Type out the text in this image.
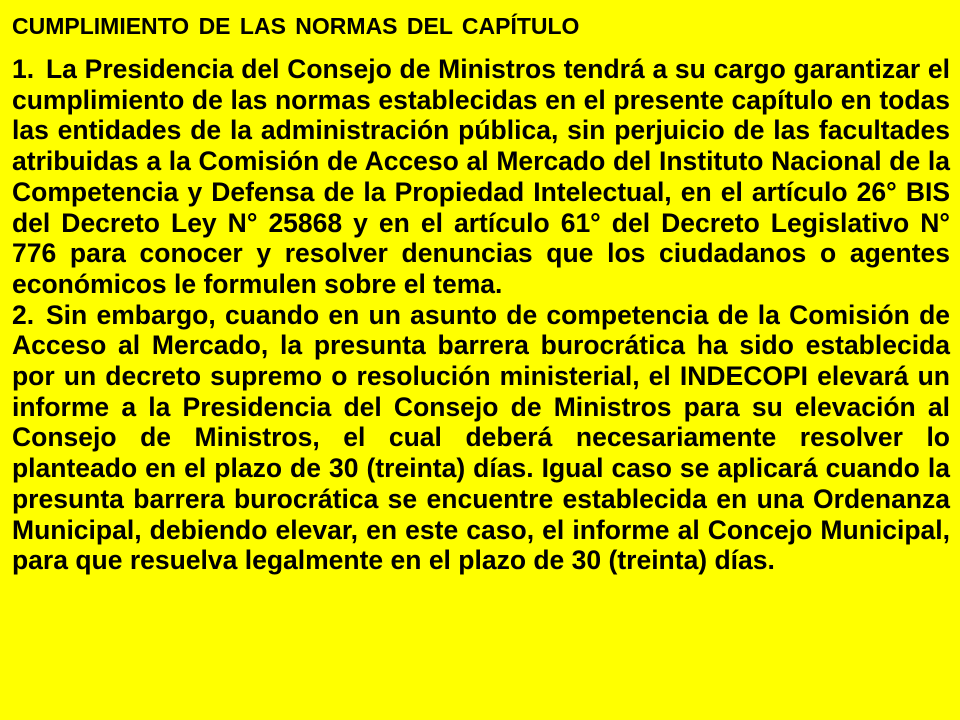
CUMPLIMIENTO DE LAS NORMAS DEL CAPÍTULO

1. La Presidencia del Consejo de Ministros tendrá a su cargo garantizar el cumplimiento de las normas establecidas en el presente capítulo en todas las entidades de la administración pública, sin perjuicio de las facultades atribuidas a la Comisión de Acceso al Mercado del Instituto Nacional de la Competencia y Defensa de la Propiedad Intelectual, en el artículo 26° BIS del Decreto Ley N° 25868 y en el artículo 61° del Decreto Legislativo N° 776 para conocer y resolver denuncias que los ciudadanos o agentes económicos le formulen sobre el tema.

2. Sin embargo, cuando en un asunto de competencia de la Comisión de Acceso al Mercado, la presunta barrera burocrática ha sido establecida por un decreto supremo o resolución ministerial, el INDECOPI elevará un informe a la Presidencia del Consejo de Ministros para su elevación al Consejo de Ministros, el cual deberá necesariamente resolver lo planteado en el plazo de 30 (treinta) días. Igual caso se aplicará cuando la presunta barrera burocrática se encuentre establecida en una Ordenanza Municipal, debiendo elevar, en este caso, el informe al Concejo Municipal, para que resuelva legalmente en el plazo de 30 (treinta) días.
